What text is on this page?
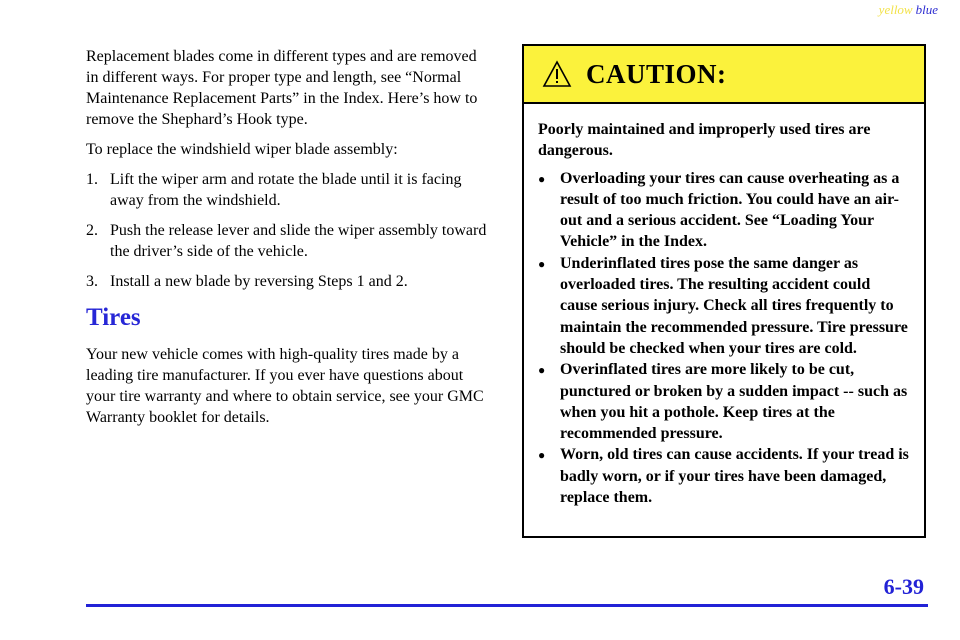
yellow blue

Replacement blades come in different types and are removed in different ways. For proper type and length, see “Normal Maintenance Replacement Parts” in the Index. Here’s how to remove the Shephard’s Hook type.

To replace the windshield wiper blade assembly:

1. Lift the wiper arm and rotate the blade until it is facing away from the windshield.
2. Push the release lever and slide the wiper assembly toward the driver’s side of the vehicle.
3. Install a new blade by reversing Steps 1 and 2.
Tires

Your new vehicle comes with high-quality tires made by a leading tire manufacturer. If you ever have questions about your tire warranty and where to obtain service, see your GMC Warranty booklet for details.

CAUTION:

Poorly maintained and improperly used tires are dangerous.

● Overloading your tires can cause overheating as a result of too much friction. You could have an air-out and a serious accident. See “Loading Your Vehicle” in the Index.
● Underinflated tires pose the same danger as overloaded tires. The resulting accident could cause serious injury. Check all tires frequently to maintain the recommended pressure. Tire pressure should be checked when your tires are cold.
● Overinflated tires are more likely to be cut, punctured or broken by a sudden impact -- such as when you hit a pothole. Keep tires at the recommended pressure.
● Worn, old tires can cause accidents. If your tread is badly worn, or if your tires have been damaged, replace them.
6-39
